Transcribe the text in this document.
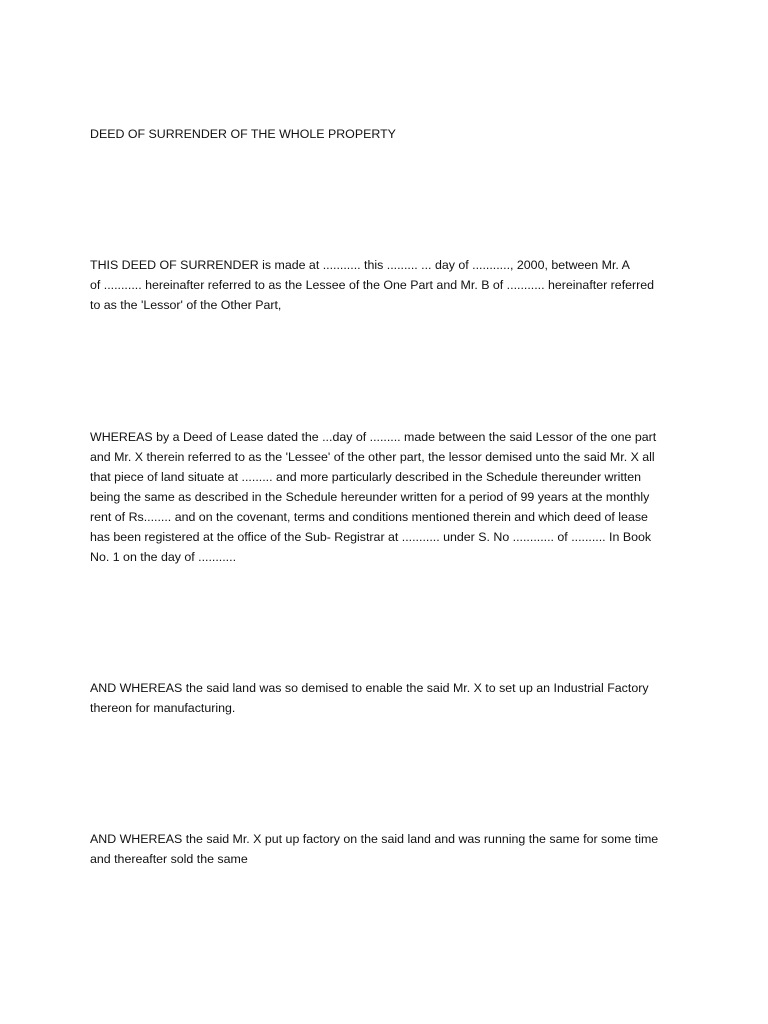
DEED OF SURRENDER OF THE WHOLE PROPERTY

THIS DEED OF SURRENDER is made at ........... this ......... ... day of ..........., 2000, between Mr. A
of ........... hereinafter referred to as the Lessee of the One Part and Mr. B of ........... hereinafter referred
to as the 'Lessor' of the Other Part,

WHEREAS by a Deed of Lease dated the ...day of ......... made between the said Lessor of the one part
and Mr. X therein referred to as the 'Lessee' of the other part, the lessor demised unto the said Mr. X all
that piece of land situate at ......... and more particularly described in the Schedule thereunder written
being the same as described in the Schedule hereunder written for a period of 99 years at the monthly
rent of Rs........ and on the covenant, terms and conditions mentioned therein and which deed of lease
has been registered at the office of the Sub- Registrar at ........... under S. No ............ of .......... In Book
No. 1 on the day of ...........

AND WHEREAS the said land was so demised to enable the said Mr. X to set up an Industrial Factory
thereon for manufacturing.

AND WHEREAS the said Mr. X put up factory on the said land and was running the same for some time
and thereafter sold the same
